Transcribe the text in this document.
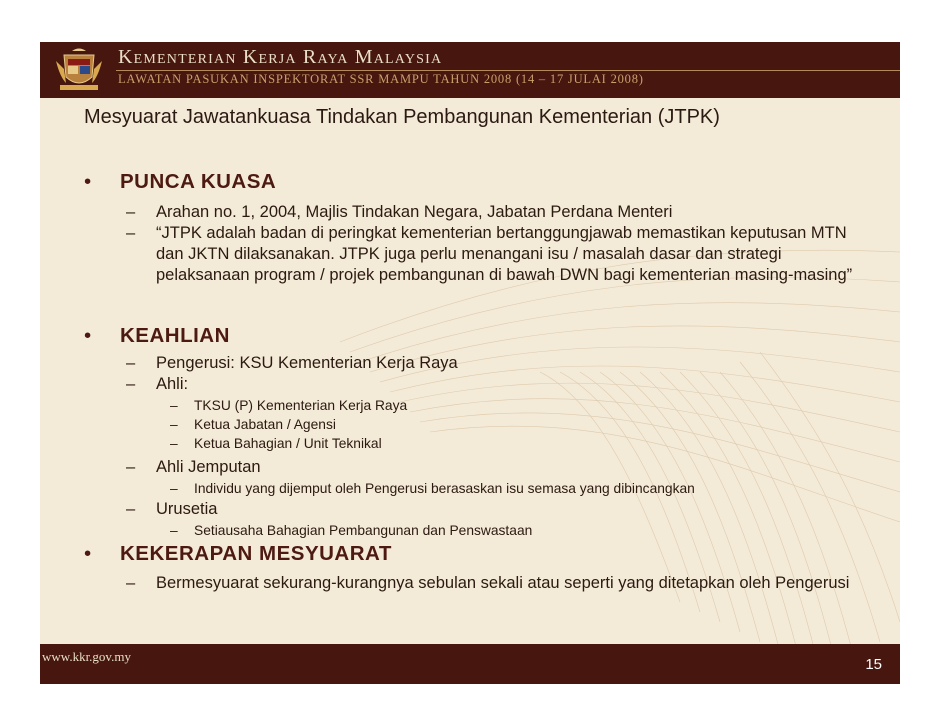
Kementerian Kerja Raya Malaysia
LAWATAN PASUKAN INSPEKTORAT SSR MAMPU TAHUN 2008 (14 – 17 JULAI 2008)
Mesyuarat Jawatankuasa Tindakan Pembangunan Kementerian (JTPK)
• PUNCA KUASA
– Arahan no. 1, 2004, Majlis Tindakan Negara, Jabatan Perdana Menteri
– “JTPK adalah badan di peringkat kementerian bertanggungjawab memastikan keputusan MTN dan JKTN dilaksanakan. JTPK juga perlu menangani isu / masalah dasar dan strategi pelaksanaan program / projek pembangunan di bawah DWN bagi kementerian masing-masing”
• KEAHLIAN
– Pengerusi: KSU Kementerian Kerja Raya
– Ahli:
– TKSU (P) Kementerian Kerja Raya
– Ketua Jabatan / Agensi
– Ketua Bahagian / Unit Teknikal
– Ahli Jemputan
– Individu yang dijemput oleh Pengerusi berasaskan isu semasa yang dibincangkan
– Urusetia
– Setiausaha Bahagian Pembangunan dan Penswastaan
• KEKERAPAN MESYUARAT
– Bermesyuarat sekurang-kurangnya sebulan sekali atau seperti yang ditetapkan oleh Pengerusi
www.kkr.gov.my	15
